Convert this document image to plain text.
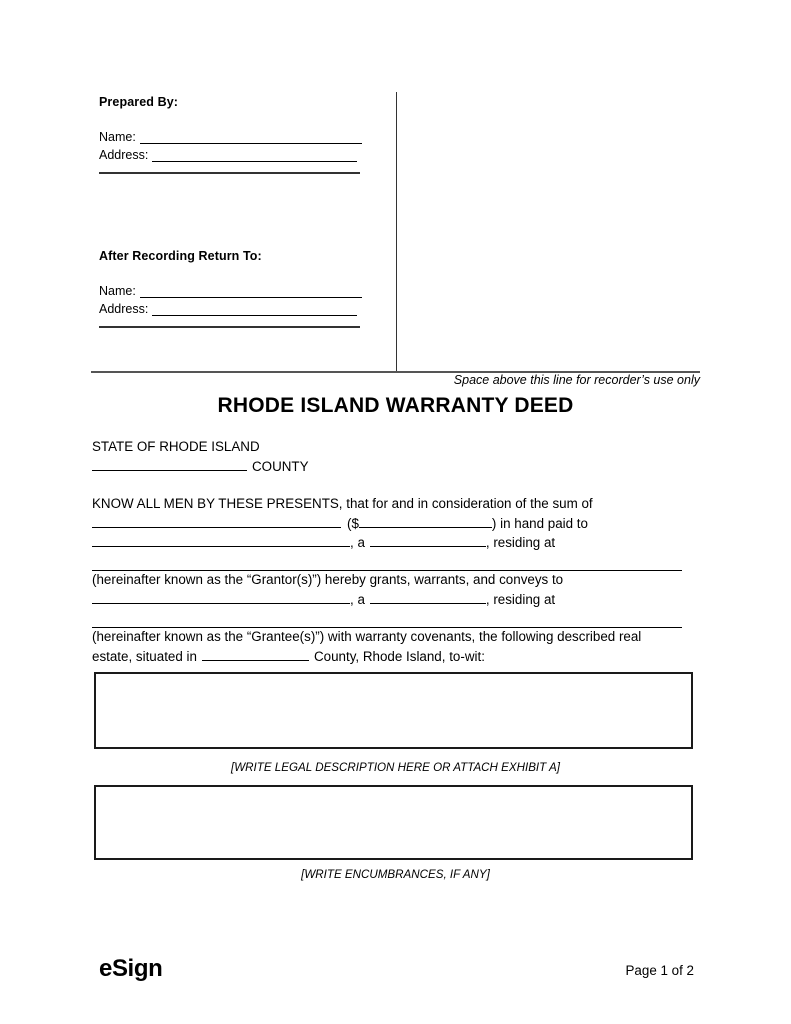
Prepared By:
Name:
Address:
After Recording Return To:
Name:
Address:
Space above this line for recorder’s use only
RHODE ISLAND WARRANTY DEED
STATE OF RHODE ISLAND
COUNTY
KNOW ALL MEN BY THESE PRESENTS, that for and in consideration of the sum of
($	) in hand paid to
, a	, residing at
(hereinafter known as the “Grantor(s)”) hereby grants, warrants, and conveys to
, a	, residing at
(hereinafter known as the “Grantee(s)”) with warranty covenants, the following described real
estate, situated in	County, Rhode Island, to-wit:
[WRITE LEGAL DESCRIPTION HERE OR ATTACH EXHIBIT A]
[WRITE ENCUMBRANCES, IF ANY]
eSign	Page 1 of 2
